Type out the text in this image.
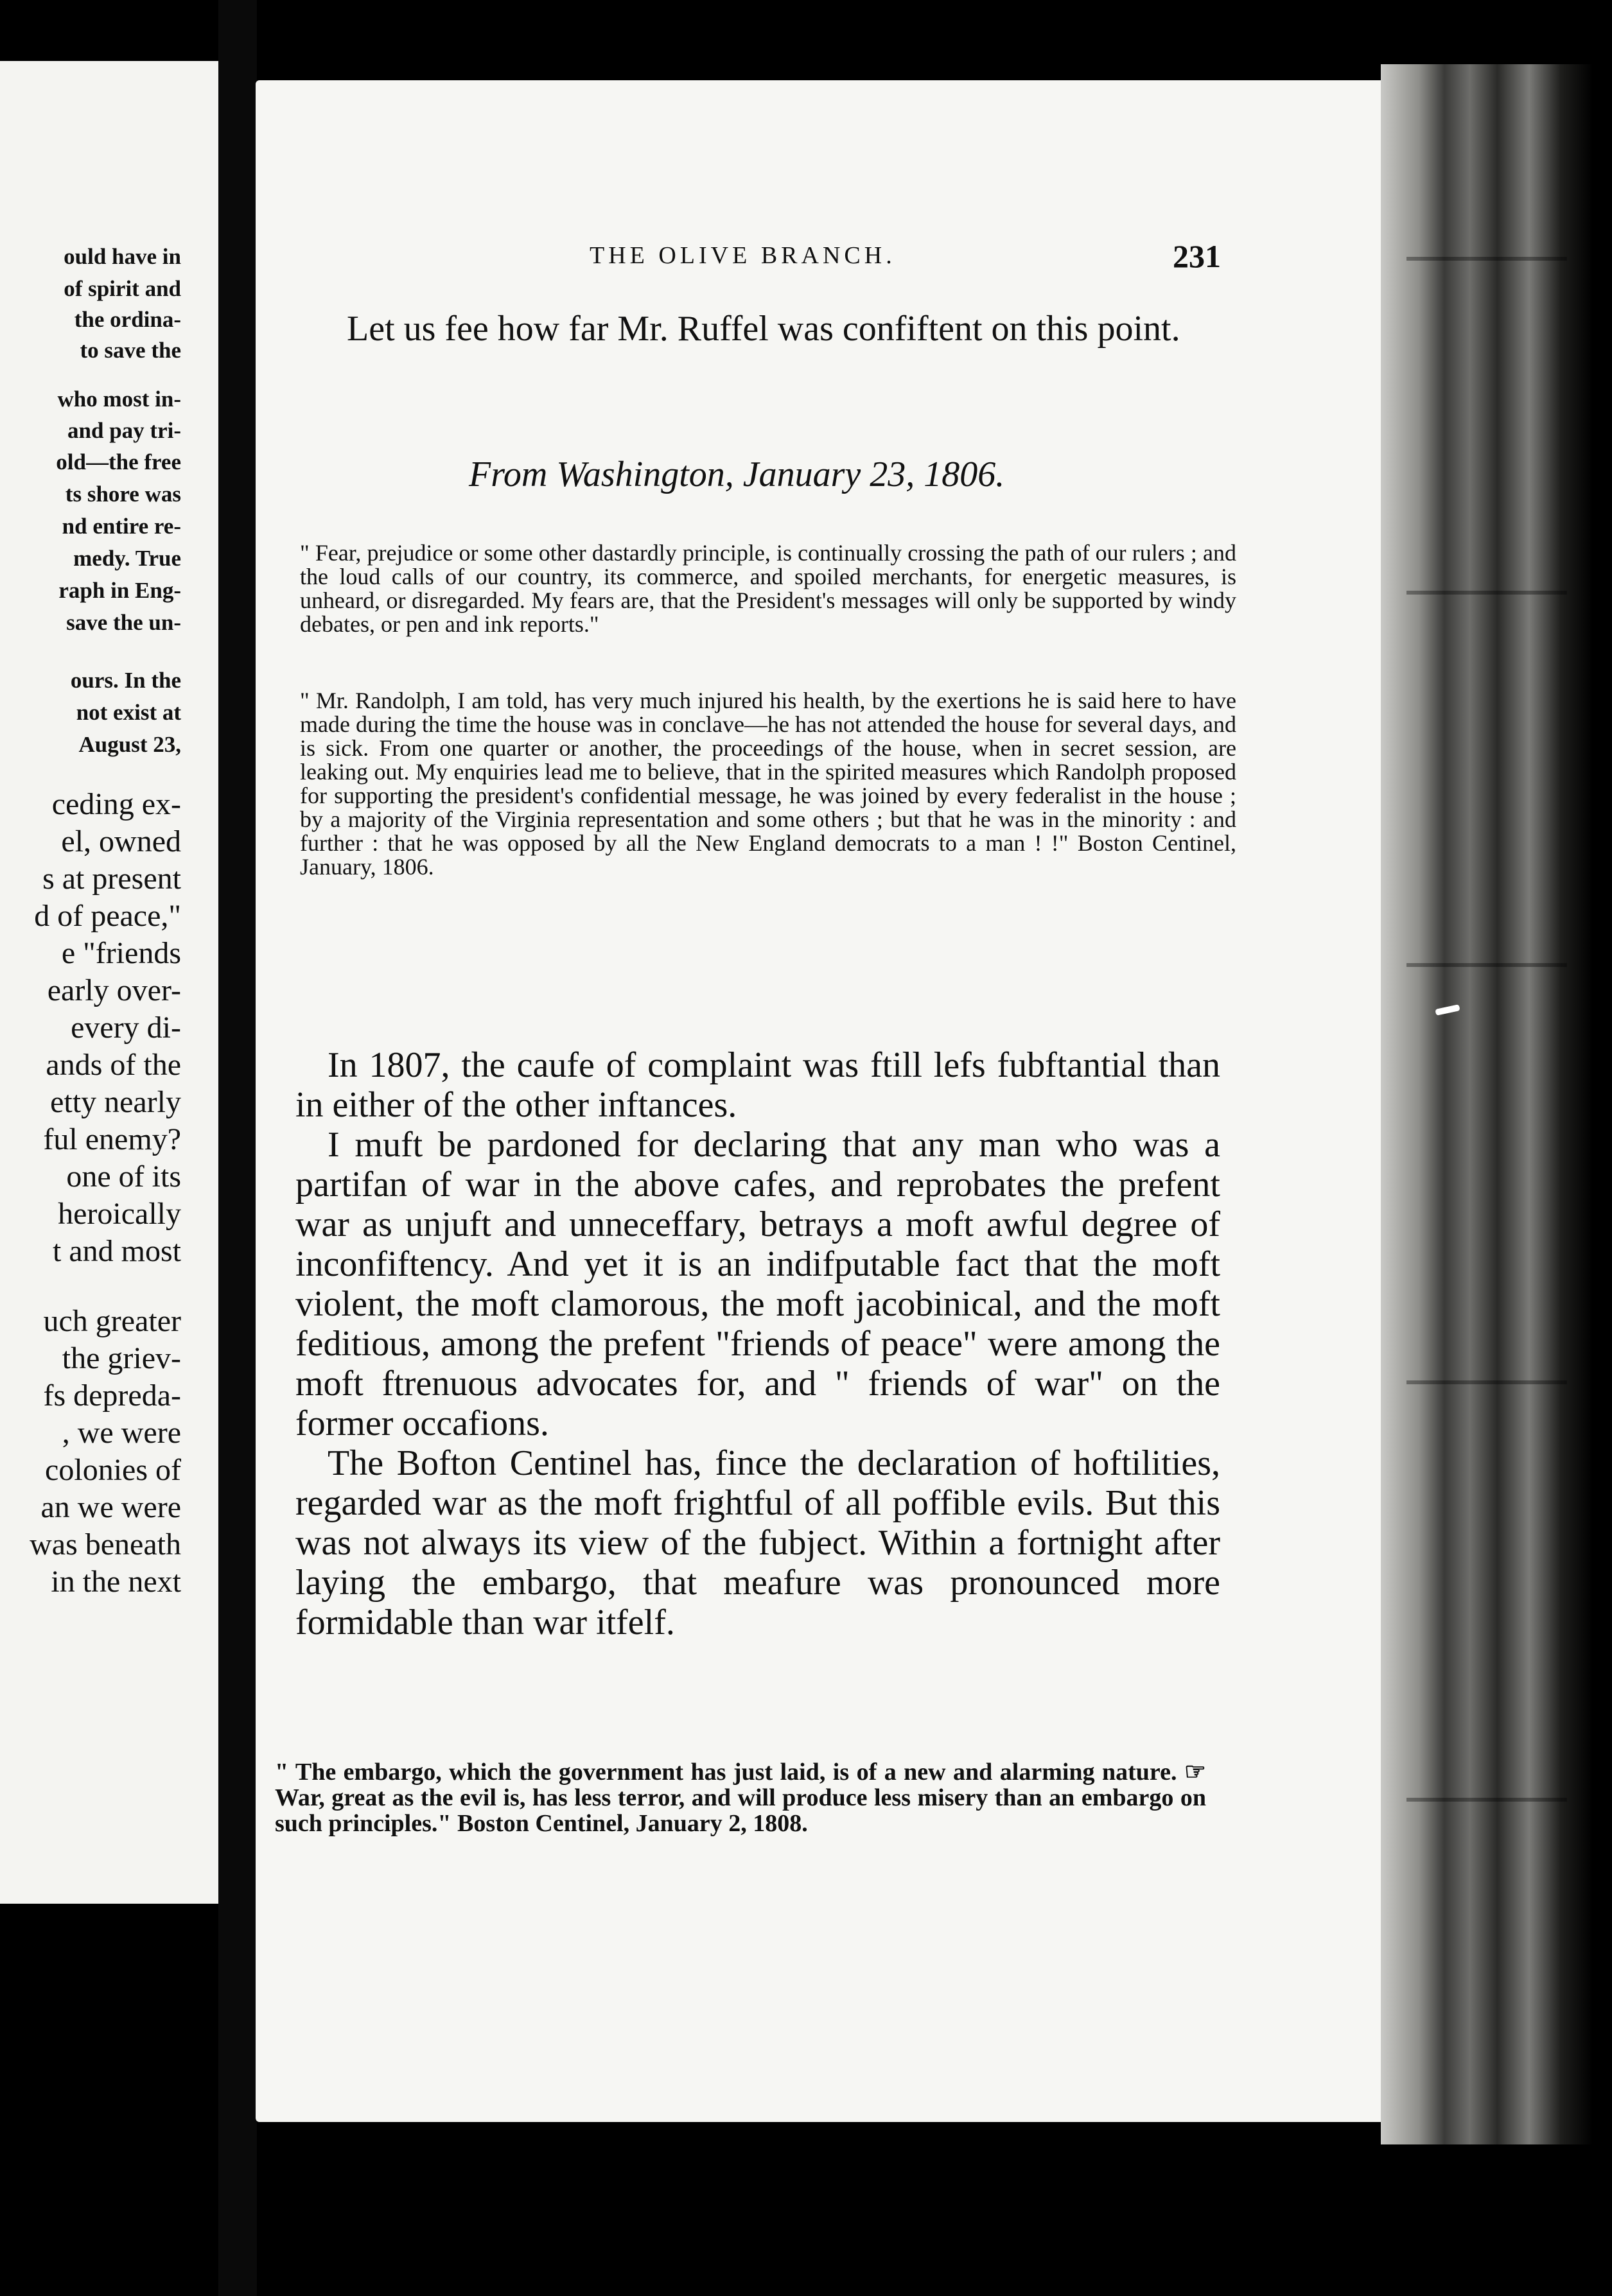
ould have in
of spirit and
the ordina-
to save the
who most in-
and pay tri-
old—the free
ts shore was
nd entire re-
medy. True
raph in Eng-
save the un-
ours. In the
not exist at
August 23,
ceding ex-
el, owned
s at present
d of peace,"
e "friends
early over-
every di-
ands of the
etty nearly
ful enemy?
one of its
heroically
t and most
uch greater
the griev-
fs depreda-
, we were
colonies of
an we were
was beneath
in the next
THE OLIVE BRANCH.	231
Let us fee how far Mr. Ruffel was confiftent on this point.
From Washington, January 23, 1806.
" Fear, prejudice or some other dastardly principle, is continually crossing the path of our rulers ; and the loud calls of our country, its commerce, and spoiled merchants, for energetic measures, is unheard, or disregarded. My fears are, that the President's messages will only be supported by windy debates, or pen and ink reports."
" Mr. Randolph, I am told, has very much injured his health, by the exertions he is said here to have made during the time the house was in conclave—he has not attended the house for several days, and is sick. From one quarter or another, the proceedings of the house, when in secret session, are leaking out. My enquiries lead me to believe, that in the spirited measures which Randolph proposed for supporting the president's confidential message, he was joined by every federalist in the house ; by a majority of the Virginia representation and some others ; but that he was in the minority : and further : that he was opposed by all the New England democrats to a man ! !" Boston Centinel, January, 1806.

In 1807, the caufe of complaint was ftill lefs fubftantial than in either of the other inftances.

I muft be pardoned for declaring that any man who was a partifan of war in the above cafes, and reprobates the prefent war as unjuft and unneceffary, betrays a moft awful degree of inconfiftency. And yet it is an indifputable fact that the moft violent, the moft clamorous, the moft jacobinical, and the moft feditious, among the prefent "friends of peace" were among the moft ftrenuous advocates for, and " friends of war" on the former occafions.

The Bofton Centinel has, fince the declaration of hoftilities, regarded war as the moft frightful of all poffible evils. But this was not always its view of the fubject. Within a fortnight after laying the embargo, that meafure was pronounced more formidable than war itfelf.

" The embargo, which the government has just laid, is of a new and alarming nature. ☞ War, great as the evil is, has less terror, and will produce less misery than an embargo on such principles." Boston Centinel, January 2, 1808.
